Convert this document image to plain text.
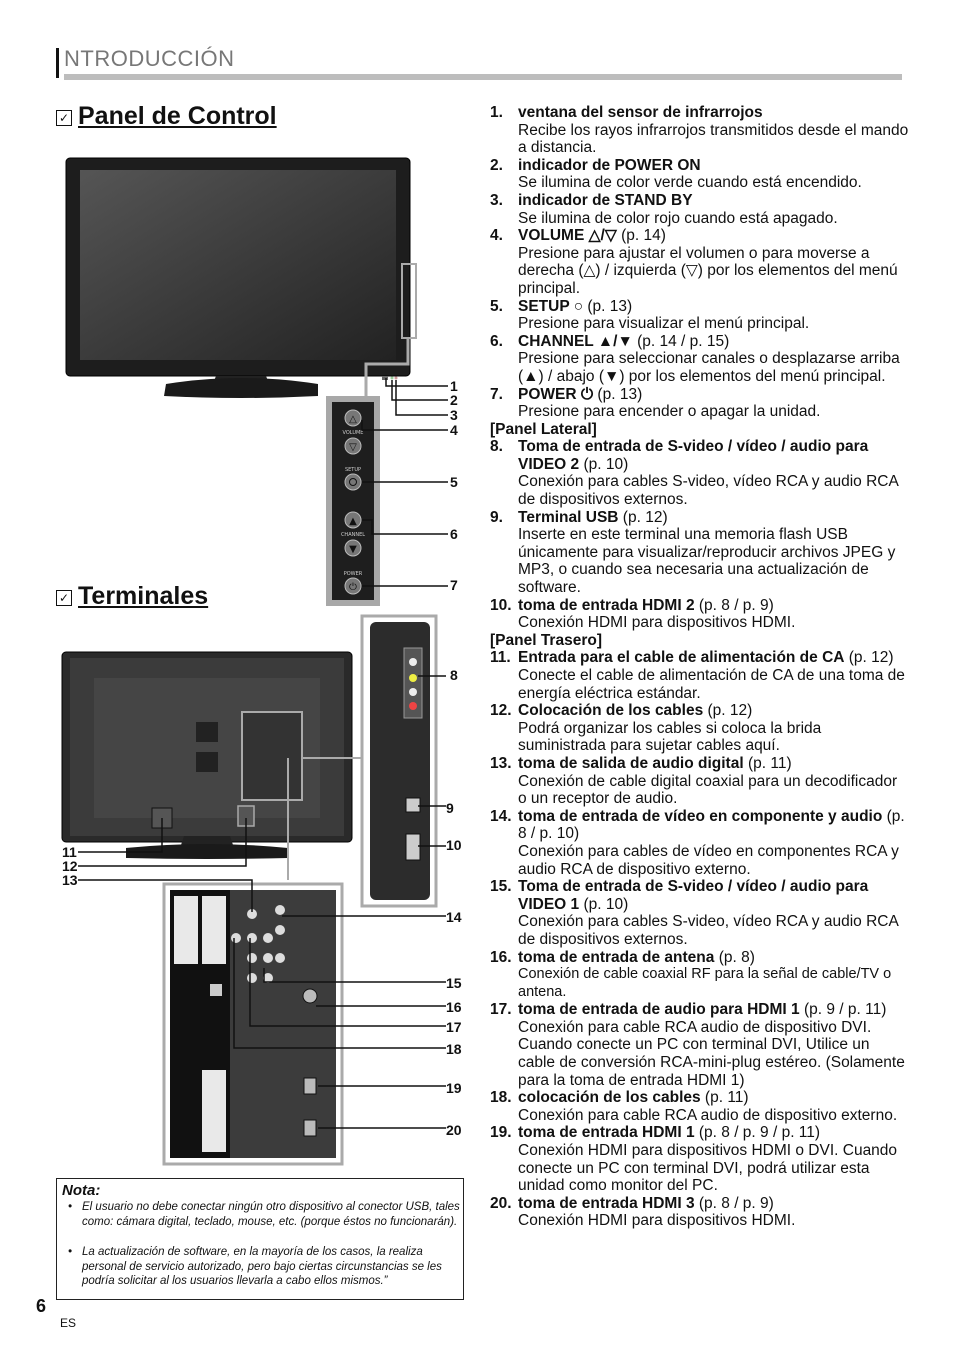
NTRODUCCIÓN
✓ Panel de Control
△
VOLUME
▽
SETUP
▲
CHANNEL
▼
POWER
⏻
1
2
3
4
5
6
7
✓ Terminales
8
9
10
11
12
13
14
15
16
17
18
19
20
1. ventana del sensor de infrarrojos
Recibe los rayos infrarrojos transmitidos desde el mando a distancia.
2. indicador de POWER ON
Se ilumina de color verde cuando está encendido.
3. indicador de STAND BY
Se ilumina de color rojo cuando está apagado.
4. VOLUME △/▽ (p. 14)
Presione para ajustar el volumen o para moverse a derecha (△) / izquierda (▽) por los elementos del menú principal.
5. SETUP ○ (p. 13)
Presione para visualizar el menú principal.
6. CHANNEL ▲/▼ (p. 14 / p. 15)
Presione para seleccionar canales o desplazarse arriba (▲) / abajo (▼) por los elementos del menú principal.
7. POWER ⏻ (p. 13)
Presione para encender o apagar la unidad.
[Panel Lateral]
8. Toma de entrada de S-video / vídeo / audio para VIDEO 2 (p. 10)
Conexión para cables S-video, vídeo RCA y audio RCA de dispositivos externos.
9. Terminal USB (p. 12)
Inserte en este terminal una memoria flash USB únicamente para visualizar/reproducir archivos JPEG y MP3, o cuando sea necesaria una actualización de software.
10. toma de entrada HDMI 2 (p. 8 / p. 9)
Conexión HDMI para dispositivos HDMI.
[Panel Trasero]
11. Entrada para el cable de alimentación de CA (p. 12)
Conecte el cable de alimentación de CA de una toma de energía eléctrica estándar.
12. Colocación de los cables (p. 12)
Podrá organizar los cables si coloca la brida suministrada para sujetar cables aquí.
13. toma de salida de audio digital (p. 11)
Conexión de cable digital coaxial para un decodificador o un receptor de audio.
14. toma de entrada de vídeo en componente y audio (p. 8 / p. 10)
Conexión para cables de vídeo en componentes RCA y audio RCA de dispositivo externo.
15. Toma de entrada de S-video / vídeo / audio para VIDEO 1 (p. 10)
Conexión para cables S-video, vídeo RCA y audio RCA de dispositivos externos.
16. toma de entrada de antena (p. 8)
Conexión de cable coaxial RF para la señal de cable/TV o antena.
17. toma de entrada de audio para HDMI 1 (p. 9 / p. 11)
Conexión para cable RCA audio de dispositivo DVI. Cuando conecte un PC con terminal DVI, Utilice un cable de conversión RCA-mini-plug estéreo. (Solamente para la toma de entrada HDMI 1)
18. colocación de los cables (p. 11)
Conexión para cable RCA audio de dispositivo externo.
19. toma de entrada HDMI 1 (p. 8 / p. 9 / p. 11)
Conexión HDMI para dispositivos HDMI o DVI. Cuando conecte un PC con terminal DVI, podrá utilizar esta unidad como monitor del PC.
20. toma de entrada HDMI 3 (p. 8 / p. 9)
Conexión HDMI para dispositivos HDMI.
Nota:
• El usuario no debe conectar ningún otro dispositivo al conector USB, tales como: cámara digital, teclado, mouse, etc. (porque éstos no funcionarán).
• La actualización de software, en la mayoría de los casos, la realiza personal de servicio autorizado, pero bajo ciertas circunstancias se les podría solicitar al los usuarios llevarla a cabo ellos mismos.”
6
ES
